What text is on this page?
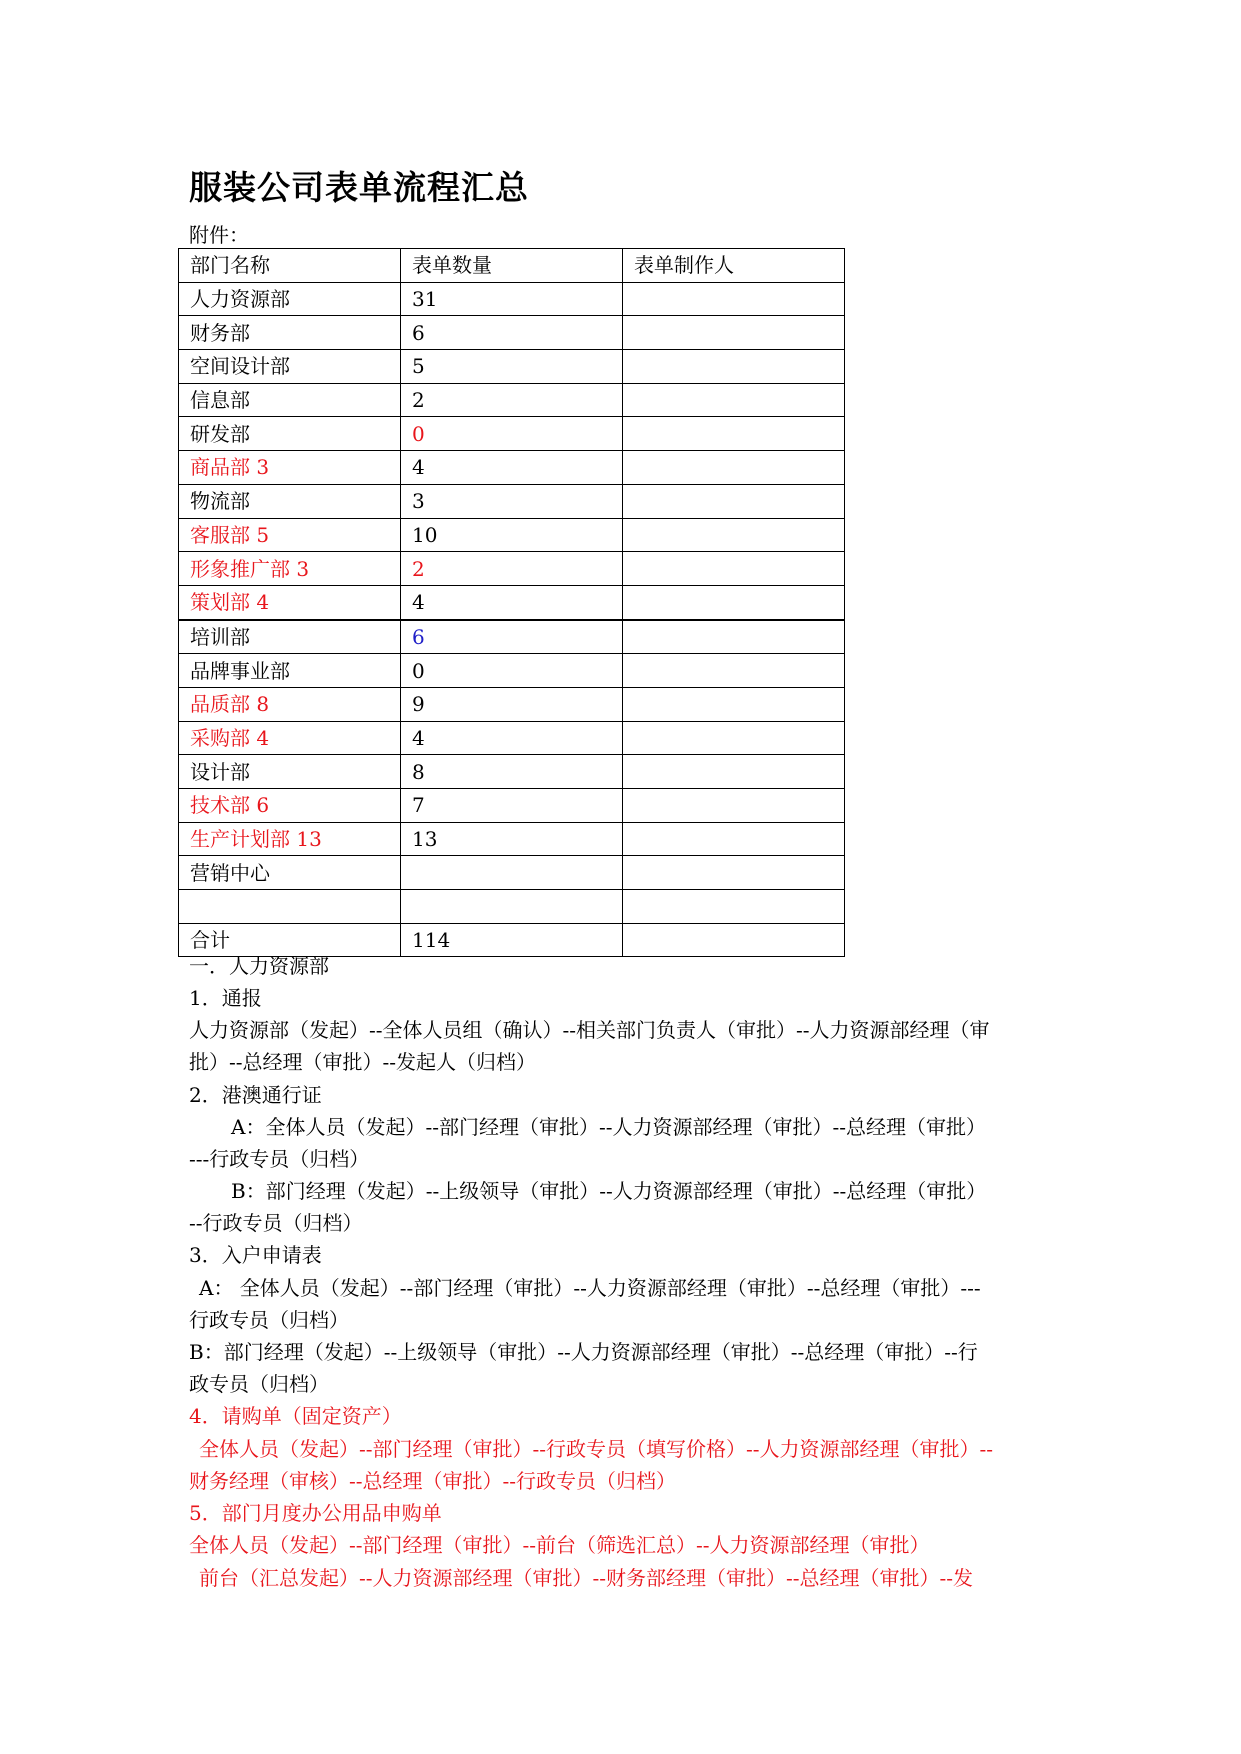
服装公司表单流程汇总
附件：
部门名称	表单数量	表单制作人
人力资源部	31	
财务部	6	
空间设计部	5	
信息部	2	
研发部	0	
商品部 3	4	
物流部	3	
客服部 5	10	
形象推广部 3	2	
策划部 4	4	
培训部	6	
品牌事业部	0	
品质部 8	9	
采购部 4	4	
设计部	8	
技术部 6	7	
生产计划部 13	13	
营销中心		

合计	114	
一．人力资源部
1．通报
人力资源部（发起）--全体人员组（确认）--相关部门负责人（审批）--人力资源部经理（审
批）--总经理（审批）--发起人（归档）
2．港澳通行证
A：全体人员（发起）--部门经理（审批）--人力资源部经理（审批）--总经理（审批）
---行政专员（归档）
B：部门经理（发起）--上级领导（审批）--人力资源部经理（审批）--总经理（审批）
--行政专员（归档）
3．入户申请表
A： 全体人员（发起）--部门经理（审批）--人力资源部经理（审批）--总经理（审批）---
行政专员（归档）
B：部门经理（发起）--上级领导（审批）--人力资源部经理（审批）--总经理（审批）--行
政专员（归档）
4．请购单（固定资产）
全体人员（发起）--部门经理（审批）--行政专员（填写价格）--人力资源部经理（审批）--
财务经理（审核）--总经理（审批）--行政专员（归档）
5．部门月度办公用品申购单
全体人员（发起）--部门经理（审批）--前台（筛选汇总）--人力资源部经理（审批）
前台（汇总发起）--人力资源部经理（审批）--财务部经理（审批）--总经理（审批）--发
